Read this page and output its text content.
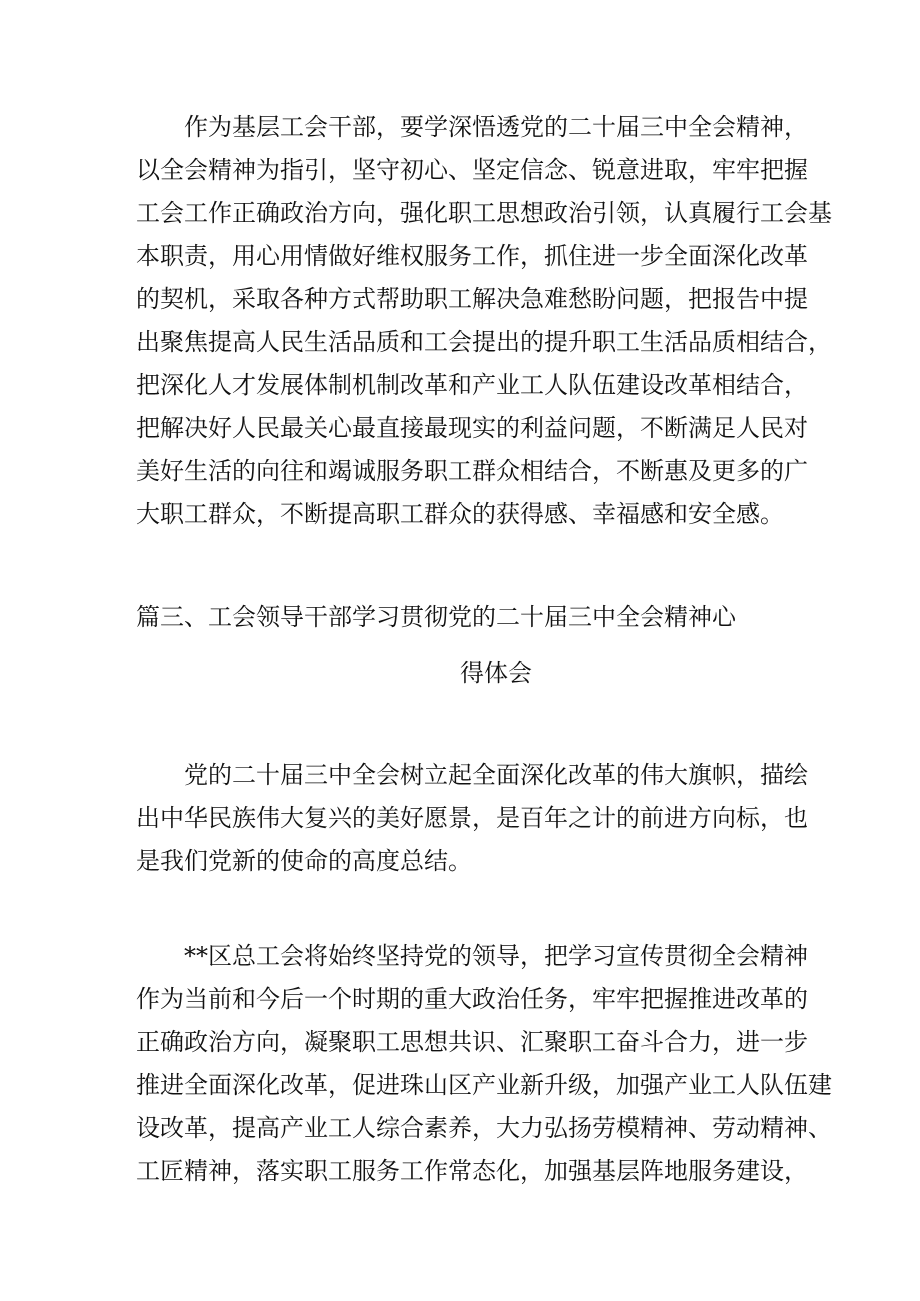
作为基层工会干部，要学深悟透党的二十届三中全会精神，
以全会精神为指引，坚守初心、坚定信念、锐意进取，牢牢把握
工会工作正确政治方向，强化职工思想政治引领，认真履行工会基
本职责，用心用情做好维权服务工作，抓住进一步全面深化改革
的契机，采取各种方式帮助职工解决急难愁盼问题，把报告中提
出聚焦提高人民生活品质和工会提出的提升职工生活品质相结合，
把深化人才发展体制机制改革和产业工人队伍建设改革相结合，
把解决好人民最关心最直接最现实的利益问题，不断满足人民对
美好生活的向往和竭诚服务职工群众相结合，不断惠及更多的广
大职工群众，不断提高职工群众的获得感、幸福感和安全感。
篇三、工会领导干部学习贯彻党的二十届三中全会精神心
得体会
党的二十届三中全会树立起全面深化改革的伟大旗帜，描绘
出中华民族伟大复兴的美好愿景，是百年之计的前进方向标，也
是我们党新的使命的高度总结。
**区总工会将始终坚持党的领导，把学习宣传贯彻全会精神
作为当前和今后一个时期的重大政治任务，牢牢把握推进改革的
正确政治方向，凝聚职工思想共识、汇聚职工奋斗合力，进一步
推进全面深化改革，促进珠山区产业新升级，加强产业工人队伍建
设改革，提高产业工人综合素养，大力弘扬劳模精神、劳动精神、
工匠精神，落实职工服务工作常态化，加强基层阵地服务建设，
